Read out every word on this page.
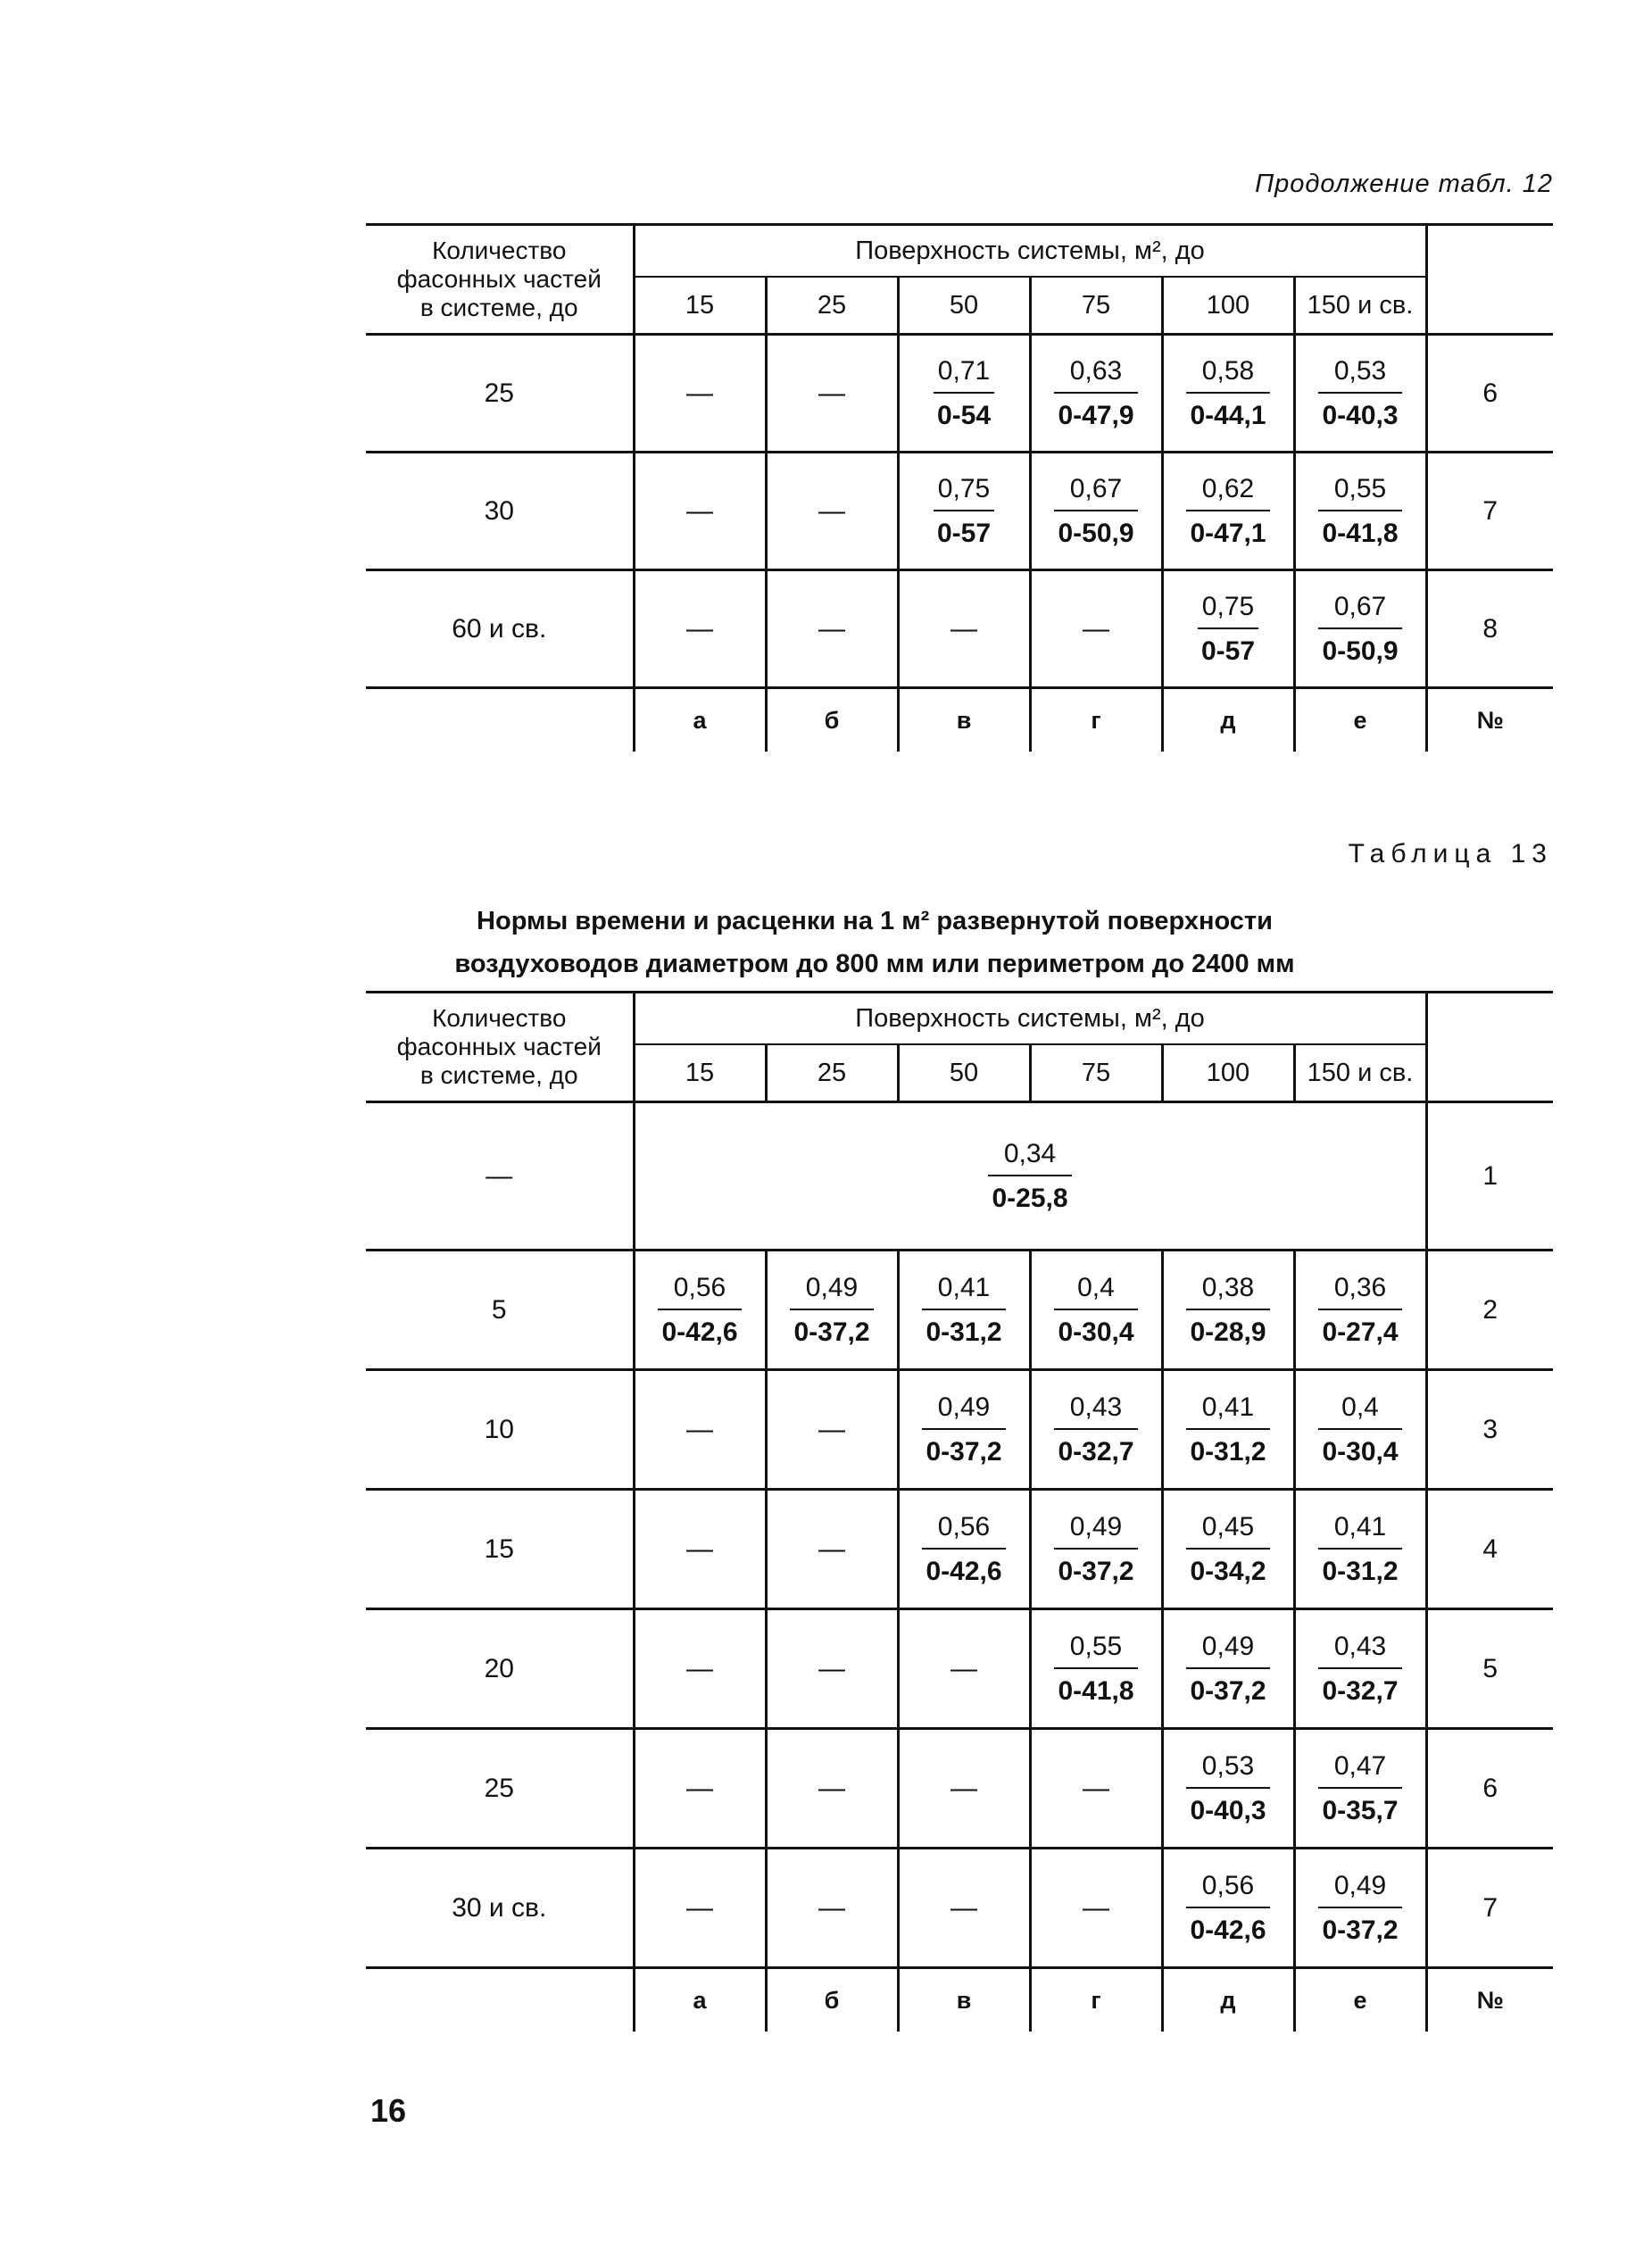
Продолжение табл. 12
Количество
фасонных частей
в системе, до	Поверхность системы, м², до						
	15	25	50	75	100	150 и св.	
25	—	—	$\frac{0,71}{0-54}$	$\frac{0,63}{0-47,9}$	$\frac{0,58}{0-44,1}$	$\frac{0,53}{0-40,3}$	6
30	—	—	$\frac{0,75}{0-57}$	$\frac{0,67}{0-50,9}$	$\frac{0,62}{0-47,1}$	$\frac{0,55}{0-41,8}$	7
60 и св.	—	—	—	—	$\frac{0,75}{0-57}$	$\frac{0,67}{0-50,9}$	8
	а	б	в	г	д	е	№
Таблица 13
Нормы времени и расценки на 1 м² развернутой поверхности
воздуховодов диаметром до 800 мм или периметром до 2400 мм
Количество
фасонных частей
в системе, до	Поверхность системы, м², до						
	15	25	50	75	100	150 и св.	
—	$\frac{0,34}{0-25,8}$						1
5	$\frac{0,56}{0-42,6}$	$\frac{0,49}{0-37,2}$	$\frac{0,41}{0-31,2}$	$\frac{0,4}{0-30,4}$	$\frac{0,38}{0-28,9}$	$\frac{0,36}{0-27,4}$	2
10	—	—	$\frac{0,49}{0-37,2}$	$\frac{0,43}{0-32,7}$	$\frac{0,41}{0-31,2}$	$\frac{0,4}{0-30,4}$	3
15	—	—	$\frac{0,56}{0-42,6}$	$\frac{0,49}{0-37,2}$	$\frac{0,45}{0-34,2}$	$\frac{0,41}{0-31,2}$	4
20	—	—	—	$\frac{0,55}{0-41,8}$	$\frac{0,49}{0-37,2}$	$\frac{0,43}{0-32,7}$	5
25	—	—	—	—	$\frac{0,53}{0-40,3}$	$\frac{0,47}{0-35,7}$	6
30 и св.	—	—	—	—	$\frac{0,56}{0-42,6}$	$\frac{0,49}{0-37,2}$	7
	а	б	в	г	д	е	№
16
